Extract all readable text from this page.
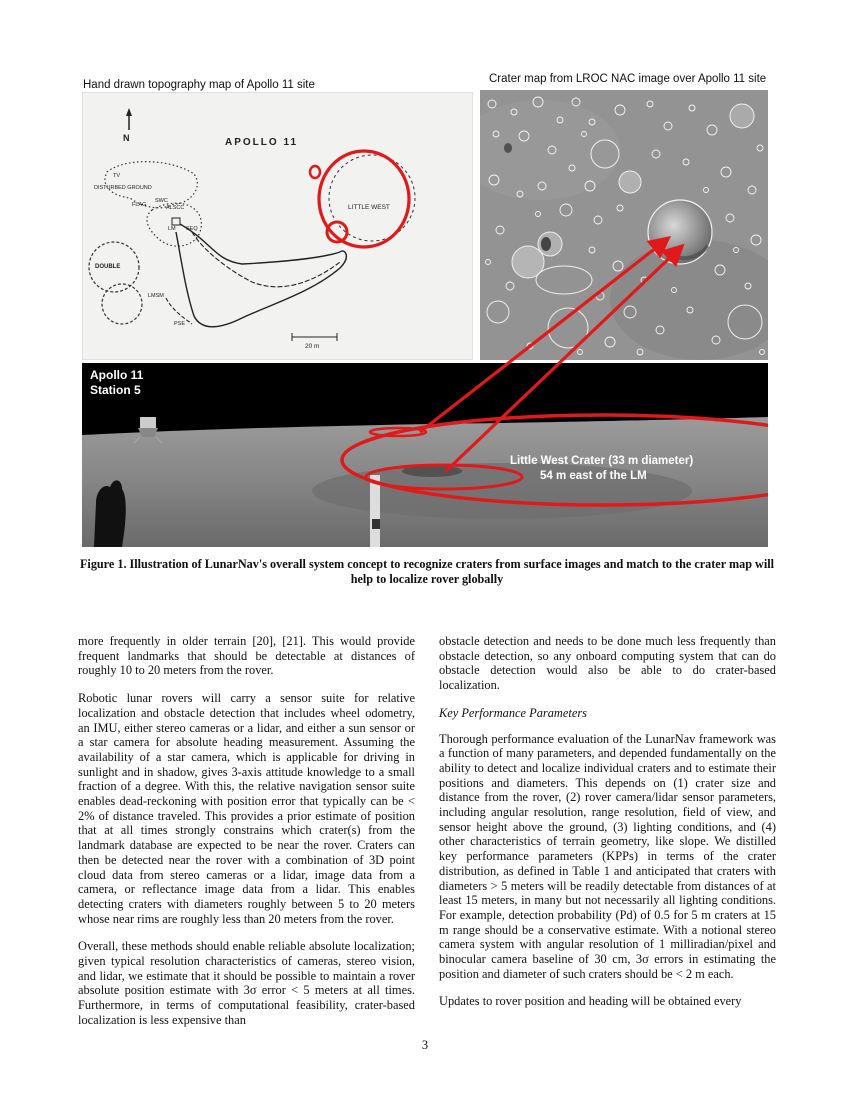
Hand drawn topography map of Apollo 11 site	Crater map from LROC NAC image over Apollo 11 site
N	APOLLO 11
TV
DISTURBED GROUND
FLAG
SWC
ALSCC
LM SEQ
DOUBLE
LMSM
PSE
LITTLE WEST
20 m
Apollo 11
Station 5
Little West Crater (33 m diameter)
54 m east of the LM
Figure 1. Illustration of LunarNav's overall system concept to recognize craters from surface images and match to the crater map will help to localize rover globally

more frequently in older terrain [20], [21]. This would provide frequent landmarks that should be detectable at distances of roughly 10 to 20 meters from the rover.

Robotic lunar rovers will carry a sensor suite for relative localization and obstacle detection that includes wheel odometry, an IMU, either stereo cameras or a lidar, and either a sun sensor or a star camera for absolute heading measurement. Assuming the availability of a star camera, which is applicable for driving in sunlight and in shadow, gives 3-axis attitude knowledge to a small fraction of a degree. With this, the relative navigation sensor suite enables dead-reckoning with position error that typically can be < 2% of distance traveled. This provides a prior estimate of position that at all times strongly constrains which crater(s) from the landmark database are expected to be near the rover. Craters can then be detected near the rover with a combination of 3D point cloud data from stereo cameras or a lidar, image data from a camera, or reflectance image data from a lidar. This enables detecting craters with diameters roughly between 5 to 20 meters whose near rims are roughly less than 20 meters from the rover.

Overall, these methods should enable reliable absolute localization; given typical resolution characteristics of cameras, stereo vision, and lidar, we estimate that it should be possible to maintain a rover absolute position estimate with 3σ error < 5 meters at all times. Furthermore, in terms of computational feasibility, crater-based localization is less expensive than

obstacle detection and needs to be done much less frequently than obstacle detection, so any onboard computing system that can do obstacle detection would also be able to do crater-based localization.

Key Performance Parameters

Thorough performance evaluation of the LunarNav framework was a function of many parameters, and depended fundamentally on the ability to detect and localize individual craters and to estimate their positions and diameters. This depends on (1) crater size and distance from the rover, (2) rover camera/lidar sensor parameters, including angular resolution, range resolution, field of view, and sensor height above the ground, (3) lighting conditions, and (4) other characteristics of terrain geometry, like slope. We distilled key performance parameters (KPPs) in terms of the crater distribution, as defined in Table 1 and anticipated that craters with diameters > 5 meters will be readily detectable from distances of at least 15 meters, in many but not necessarily all lighting conditions. For example, detection probability (Pd) of 0.5 for 5 m craters at 15 m range should be a conservative estimate. With a notional stereo camera system with angular resolution of 1 milliradian/pixel and binocular camera baseline of 30 cm, 3σ errors in estimating the position and diameter of such craters should be < 2 m each.

Updates to rover position and heading will be obtained every

3
